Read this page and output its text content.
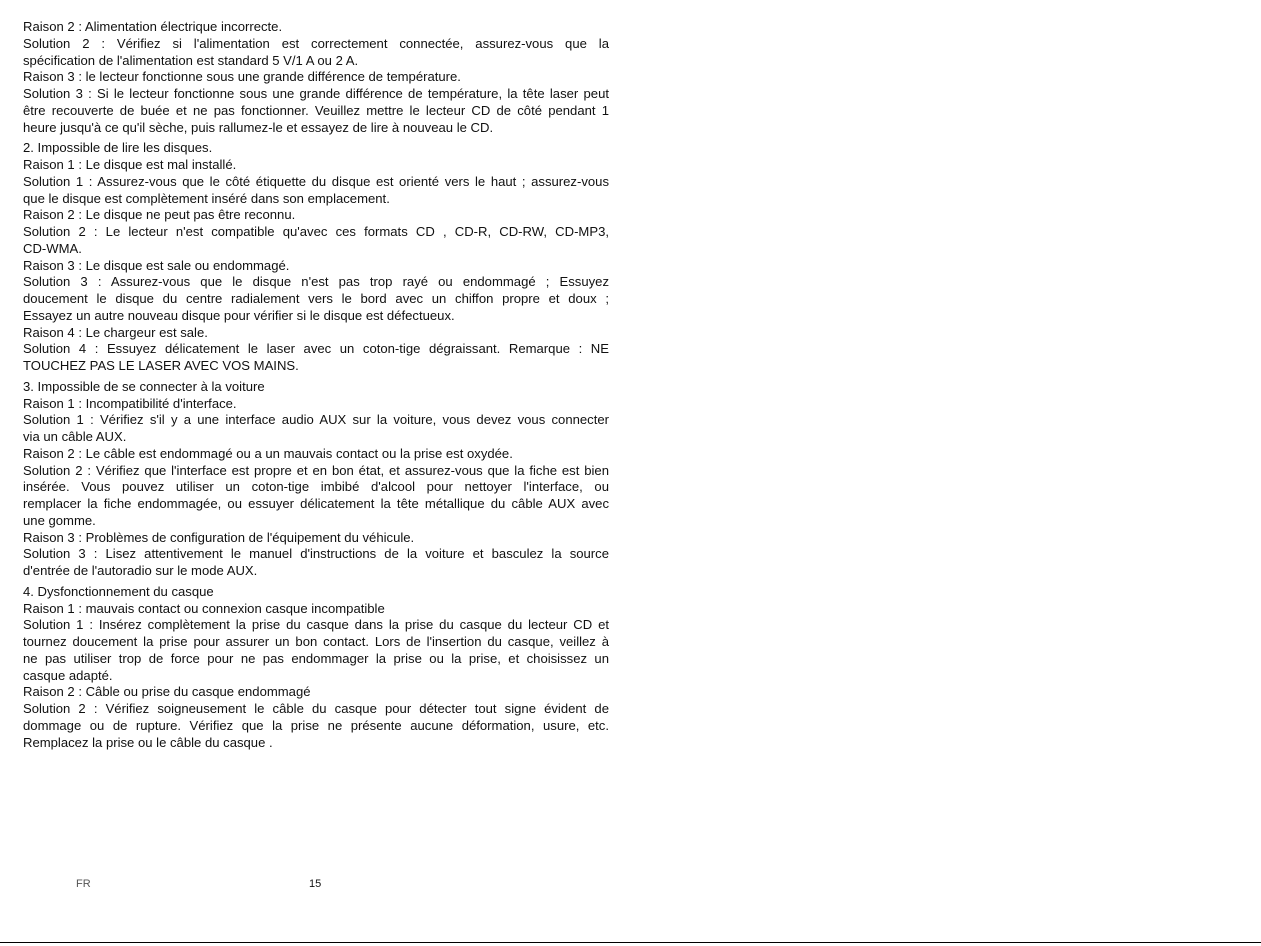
Raison 2 : Alimentation électrique incorrecte.
Solution 2 : Vérifiez si l'alimentation est correctement connectée, assurez-vous que la
spécification de l'alimentation est standard 5 V/1 A ou 2 A.
Raison 3 : le lecteur fonctionne sous une grande différence de température.
Solution 3 : Si le lecteur fonctionne sous une grande différence de température, la tête laser peut
être recouverte de buée et ne pas fonctionner. Veuillez mettre le lecteur CD de côté pendant 1
heure jusqu'à ce qu'il sèche, puis rallumez-le et essayez de lire à nouveau le CD.
2. Impossible de lire les disques.
Raison 1 : Le disque est mal installé.
Solution 1 : Assurez-vous que le côté étiquette du disque est orienté vers le haut ; assurez-vous
que le disque est complètement inséré dans son emplacement.
Raison 2 : Le disque ne peut pas être reconnu.
Solution 2 : Le lecteur n'est compatible qu'avec ces formats CD , CD-R, CD-RW, CD-MP3,
CD-WMA.
Raison 3 : Le disque est sale ou endommagé.
Solution 3 : Assurez-vous que le disque n'est pas trop rayé ou endommagé ; Essuyez
doucement le disque du centre radialement vers le bord avec un chiffon propre et doux ;
Essayez un autre nouveau disque pour vérifier si le disque est défectueux.
Raison 4 : Le chargeur est sale.
Solution 4 : Essuyez délicatement le laser avec un coton-tige dégraissant. Remarque : NE
TOUCHEZ PAS LE LASER AVEC VOS MAINS.
3. Impossible de se connecter à la voiture
Raison 1 : Incompatibilité d'interface.
Solution 1 : Vérifiez s'il y a une interface audio AUX sur la voiture, vous devez vous connecter
via un câble AUX.
Raison 2 : Le câble est endommagé ou a un mauvais contact ou la prise est oxydée.
Solution 2 : Vérifiez que l'interface est propre et en bon état, et assurez-vous que la fiche est bien
insérée. Vous pouvez utiliser un coton-tige imbibé d'alcool pour nettoyer l'interface, ou
remplacer la fiche endommagée, ou essuyer délicatement la tête métallique du câble AUX avec
une gomme.
Raison 3 : Problèmes de configuration de l'équipement du véhicule.
Solution 3 : Lisez attentivement le manuel d'instructions de la voiture et basculez la source
d'entrée de l'autoradio sur le mode AUX.
4. Dysfonctionnement du casque
Raison 1 : mauvais contact ou connexion casque incompatible
Solution 1 : Insérez complètement la prise du casque dans la prise du casque du lecteur CD et
tournez doucement la prise pour assurer un bon contact. Lors de l'insertion du casque, veillez à
ne pas utiliser trop de force pour ne pas endommager la prise ou la prise, et choisissez un
casque adapté.
Raison 2 : Câble ou prise du casque endommagé
Solution 2 : Vérifiez soigneusement le câble du casque pour détecter tout signe évident de
dommage ou de rupture. Vérifiez que la prise ne présente aucune déformation, usure, etc.
Remplacez la prise ou le câble du casque .
FR	15
